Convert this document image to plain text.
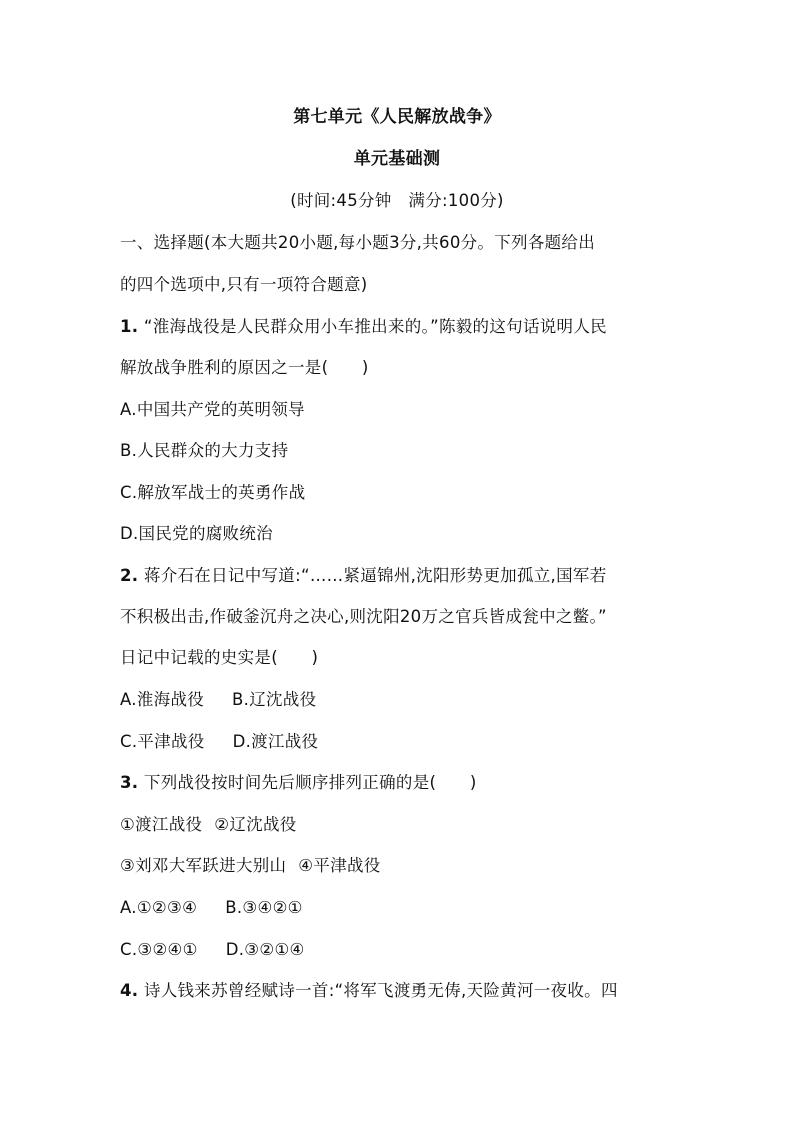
第七单元《人民解放战争》
单元基础测
(时间:45分钟　满分:100分)
一、选择题(本大题共20小题,每小题3分,共60分。下列各题给出
的四个选项中,只有一项符合题意)
1. “淮海战役是人民群众用小车推出来的。”陈毅的这句话说明人民
解放战争胜利的原因之一是(　　)
A.中国共产党的英明领导
B.人民群众的大力支持
C.解放军战士的英勇作战
D.国民党的腐败统治
2. 蒋介石在日记中写道:“……紧逼锦州,沈阳形势更加孤立,国军若
不积极出击,作破釜沉舟之决心,则沈阳20万之官兵皆成瓮中之鳖。”
日记中记载的史实是(　　)
A.淮海战役 B.辽沈战役
C.平津战役 D.渡江战役
3. 下列战役按时间先后顺序排列正确的是(　　)
①渡江战役 ②辽沈战役
③刘邓大军跃进大别山 ④平津战役
A.①②③④ B.③④②①
C.③②④① D.③②①④
4. 诗人钱来苏曾经赋诗一首:“将军飞渡勇无俦,天险黄河一夜收。四
